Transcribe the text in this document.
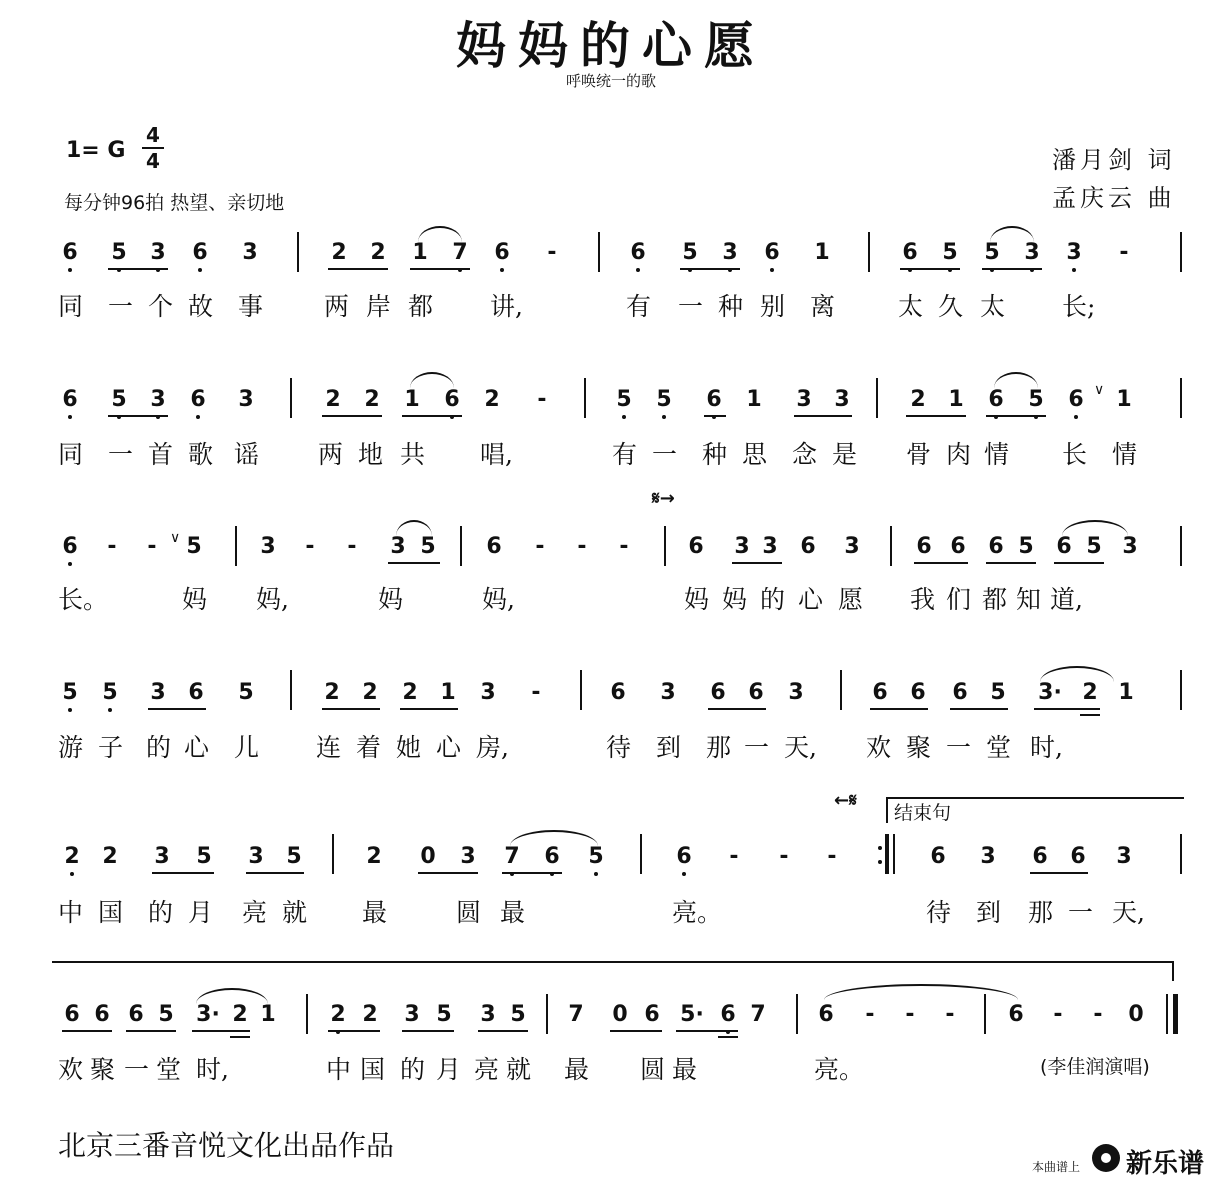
妈妈的心愿
呼唤统一的歌
1= G
4
4
每分钟96拍 热望、亲切地
潘月剑 词
孟庆云 曲
6 5 3 6 3	2 2 1 7 6 -	6 5 3 6 1	6 5 5 3 3 -
同 一 个 故 事 两 岸 都 讲,	有 一 种 别 离	太 久 太 长;
6 5 3 6 3	2 2 1 6 2 -	5 5 6 1 3 3	2 1 6 5 6 ∨ 1
同 一 首 歌 谣 两 地 共 唱,	有 一 种 思 念 是 骨 肉 情 长 情
𝄋→
6 - - ∨ 5	3 - - 3 5 6 - - -	6 3 3 6 3	6 6 6 5 6 5 3
长。	妈 妈,	妈	妈,	妈 妈 的 心 愿 我 们 都 知 道,
5 5 3 6 5	2 2 2 1 3 -	6 3 6 6 3	6 6 6 5 3· 2 1
游 子 的 心 儿 连 着 她 心 房,	待 到 那 一 天, 欢 聚 一 堂 时,
←𝄋
结束句
2 2 3 5 3 5	2 0 3 7 6 5	6 - - -	6 3 6 6 3
中 国 的 月 亮 就 最	圆 最	亮。	待 到 那 一 天,
6 6 6 5 3· 2 1 2 2 3 5 3 5 7 0 6 5· 6 7 6 - - - 6 - - 0
欢 聚 一 堂 时,	中 国 的 月 亮 就 最 圆 最	亮。	(李佳润演唱)
北京三番音悦文化出品作品
本曲谱上 新乐谱
